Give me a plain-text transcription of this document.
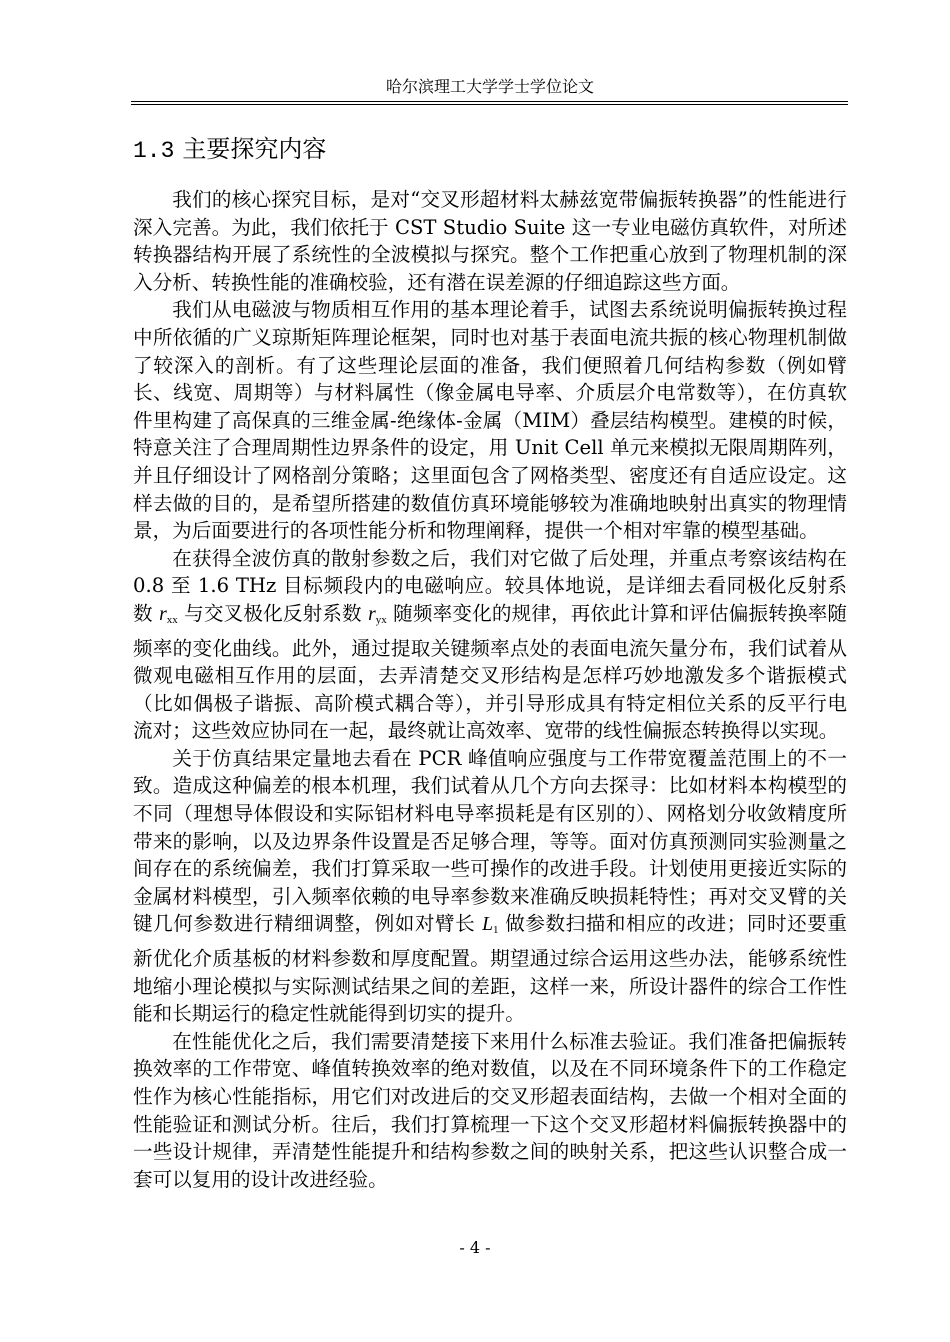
哈尔滨理工大学学士学位论文
1.3 主要探究内容

我们的核心探究目标，是对“交叉形超材料太赫兹宽带偏振转换器”的性能进行深入完善。为此，我们依托于 CST Studio Suite 这一专业电磁仿真软件，对所述转换器结构开展了系统性的全波模拟与探究。整个工作把重心放到了物理机制的深入分析、转换性能的准确校验，还有潜在误差源的仔细追踪这些方面。

我们从电磁波与物质相互作用的基本理论着手，试图去系统说明偏振转换过程中所依循的广义琼斯矩阵理论框架，同时也对基于表面电流共振的核心物理机制做了较深入的剖析。有了这些理论层面的准备，我们便照着几何结构参数（例如臂长、线宽、周期等）与材料属性（像金属电导率、介质层介电常数等），在仿真软件里构建了高保真的三维金属-绝缘体-金属（MIM）叠层结构模型。建模的时候，特意关注了合理周期性边界条件的设定，用 Unit Cell 单元来模拟无限周期阵列，并且仔细设计了网格剖分策略；这里面包含了网格类型、密度还有自适应设定。这样去做的目的，是希望所搭建的数值仿真环境能够较为准确地映射出真实的物理情景，为后面要进行的各项性能分析和物理阐释，提供一个相对牢靠的模型基础。

在获得全波仿真的散射参数之后，我们对它做了后处理，并重点考察该结构在 0.8 至 1.6 THz 目标频段内的电磁响应。较具体地说，是详细去看同极化反射系数 $r_{xx}$ 与交叉极化反射系数 $r_{yx}$ 随频率变化的规律，再依此计算和评估偏振转换率随频率的变化曲线。此外，通过提取关键频率点处的表面电流矢量分布，我们试着从微观电磁相互作用的层面，去弄清楚交叉形结构是怎样巧妙地激发多个谐振模式（比如偶极子谐振、高阶模式耦合等），并引导形成具有特定相位关系的反平行电流对；这些效应协同在一起，最终就让高效率、宽带的线性偏振态转换得以实现。

关于仿真结果定量地去看在 PCR 峰值响应强度与工作带宽覆盖范围上的不一致。造成这种偏差的根本机理，我们试着从几个方向去探寻：比如材料本构模型的不同（理想导体假设和实际铝材料电导率损耗是有区别的）、网格划分收敛精度所带来的影响，以及边界条件设置是否足够合理，等等。面对仿真预测同实验测量之间存在的系统偏差，我们打算采取一些可操作的改进手段。计划使用更接近实际的金属材料模型，引入频率依赖的电导率参数来准确反映损耗特性；再对交叉臂的关键几何参数进行精细调整，例如对臂长 $L_1$ 做参数扫描和相应的改进；同时还要重新优化介质基板的材料参数和厚度配置。期望通过综合运用这些办法，能够系统性地缩小理论模拟与实际测试结果之间的差距，这样一来，所设计器件的综合工作性能和长期运行的稳定性就能得到切实的提升。

在性能优化之后，我们需要清楚接下来用什么标准去验证。我们准备把偏振转换效率的工作带宽、峰值转换效率的绝对数值，以及在不同环境条件下的工作稳定性作为核心性能指标，用它们对改进后的交叉形超表面结构，去做一个相对全面的性能验证和测试分析。往后，我们打算梳理一下这个交叉形超材料偏振转换器中的一些设计规律，弄清楚性能提升和结构参数之间的映射关系，把这些认识整合成一套可以复用的设计改进经验。

- 4 -
